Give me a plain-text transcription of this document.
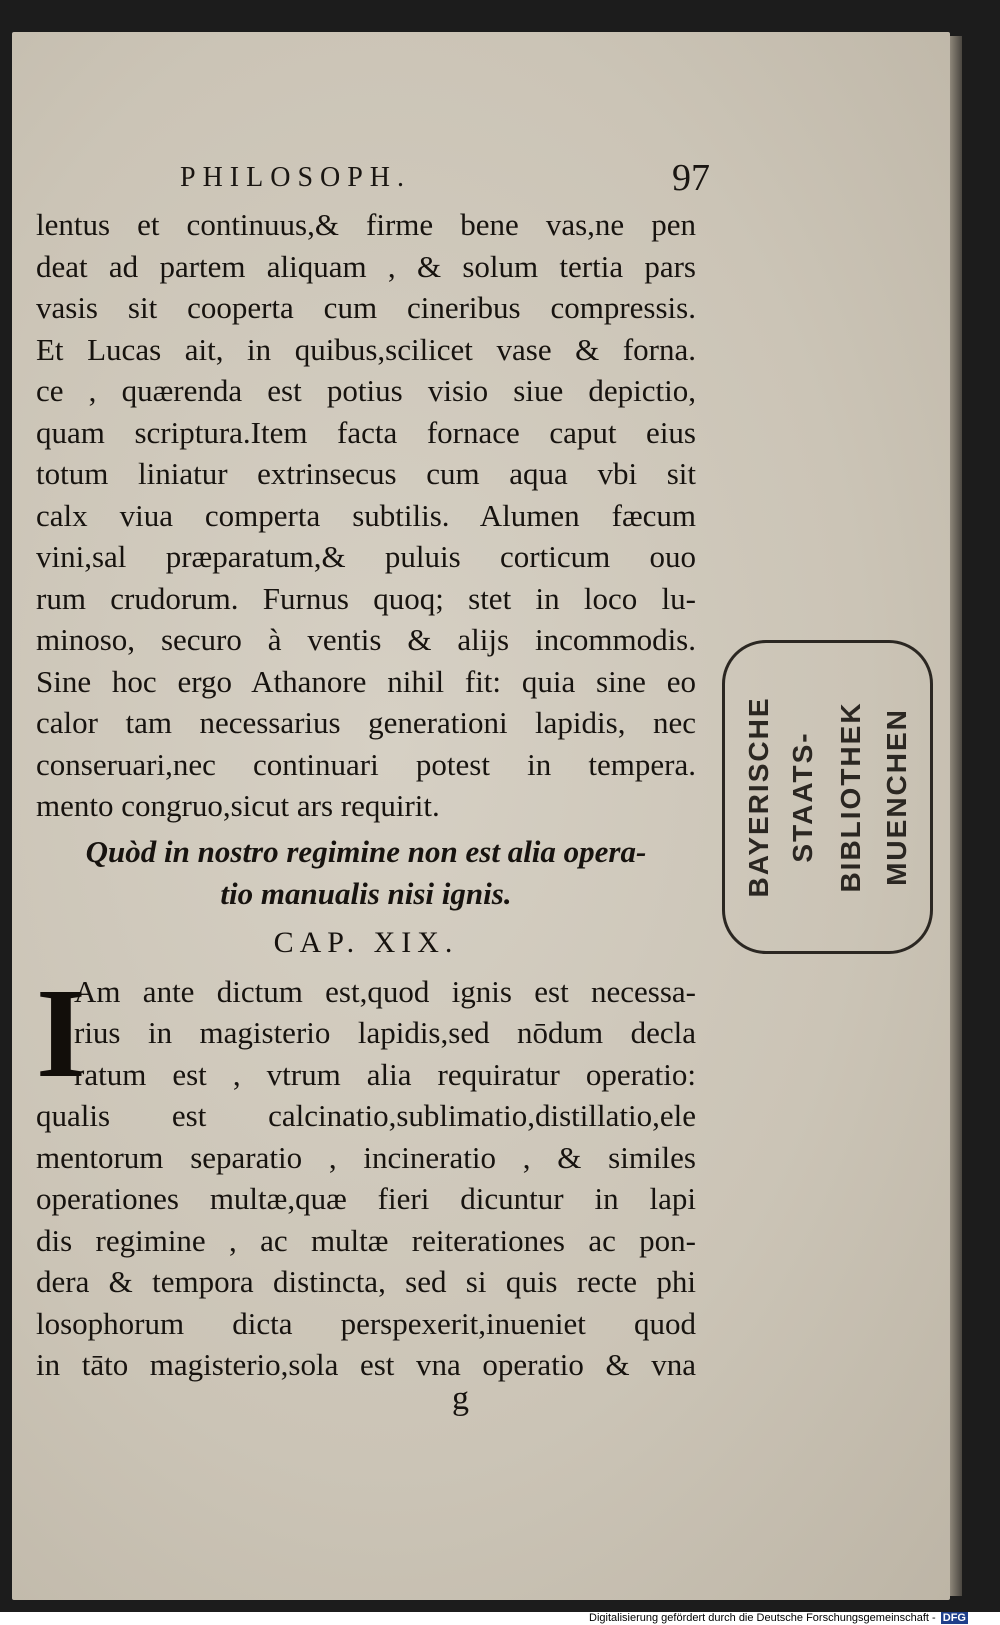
PHILOSOPH.	97
lentus et continuus,& firme bene vas,ne pen
deat ad partem aliquam , & solum tertia pars
vasis sit cooperta cum cineribus compressis.
Et Lucas ait, in quibus,scilicet vase & forna.
ce , quærenda est potius visio siue depictio,
quam scriptura.Item facta fornace caput eius
totum liniatur extrinsecus cum aqua vbi sit
calx viua comperta subtilis. Alumen fæcum
vini,sal præparatum,& puluis corticum ouo
rum crudorum. Furnus quoq; stet in loco lu-
minoso, securo à ventis & alijs incommodis.
Sine hoc ergo Athanore nihil fit: quia sine eo
calor tam necessarius generationi lapidis, nec
conseruari,nec continuari potest in tempera.
mento congruo,sicut ars requirit.
Quòd in nostro regimine non est alia opera-
tio manualis nisi ignis.
CAP. XIX.
I
Am ante dictum est,quod ignis est necessa-
rius in magisterio lapidis,sed nōdum decla
ratum est , vtrum alia requiratur operatio:
qualis est calcinatio,sublimatio,distillatio,ele
mentorum separatio , incineratio , & similes
operationes multæ,quæ fieri dicuntur in lapi
dis regimine , ac multæ reiterationes ac pon-
dera & tempora distincta, sed si quis recte phi
losophorum dicta perspexerit,inueniet quod
in tāto magisterio,sola est vna operatio & vna
g
BAYERISCHE STAATS- BIBLIOTHEK MUENCHEN
Digitalisierung gefördert durch die Deutsche Forschungsgemeinschaft - DFG
